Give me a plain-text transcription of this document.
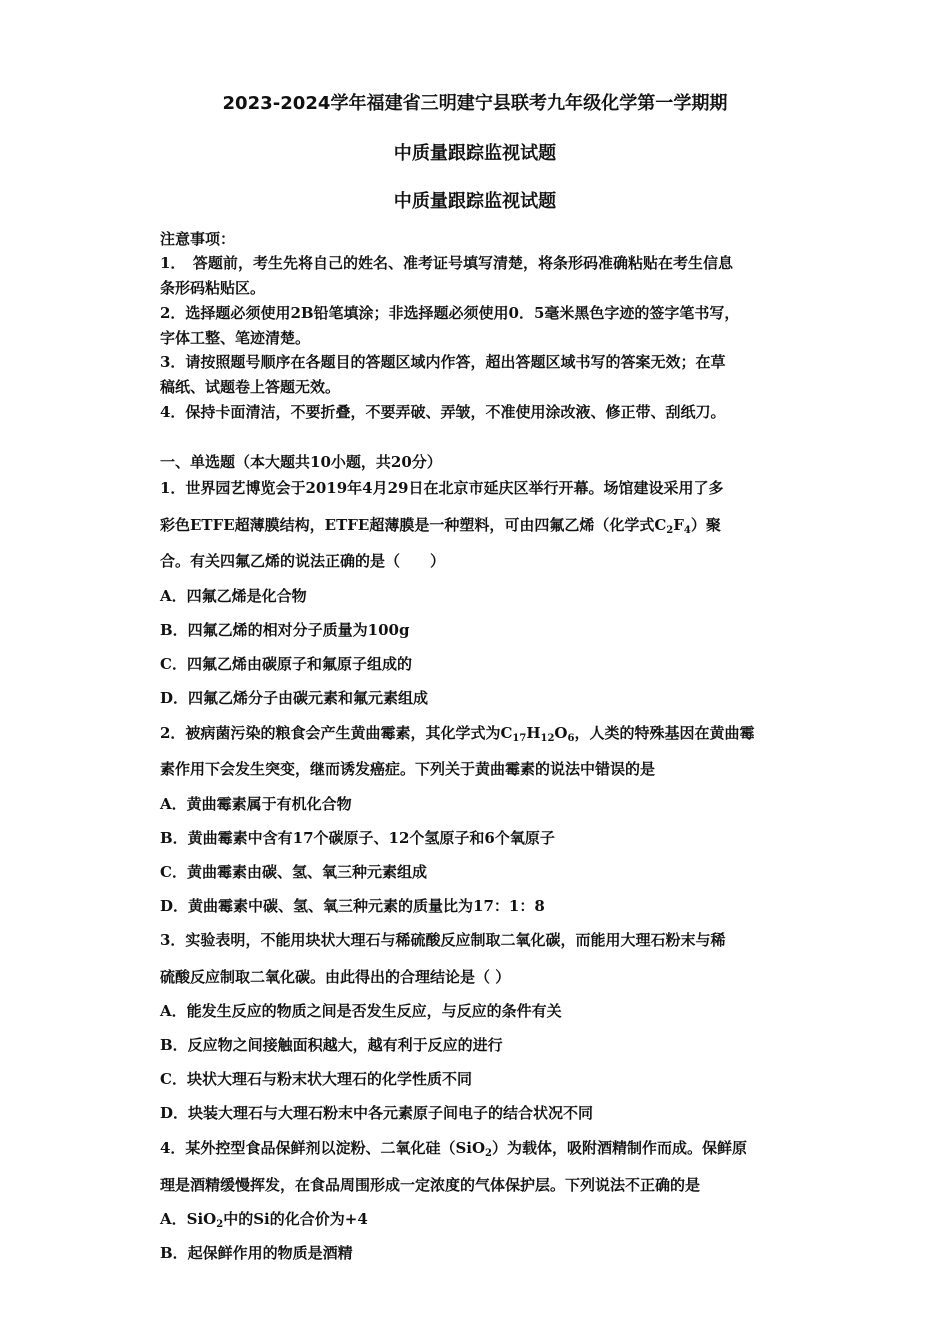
2023-2024学年福建省三明建宁县联考九年级化学第一学期期
中质量跟踪监视试题
中质量跟踪监视试题
注意事项：
1．　答题前，考生先将自己的姓名、准考证号填写清楚，将条形码准确粘贴在考生信息
条形码粘贴区。
2．选择题必须使用2B铅笔填涂；非选择题必须使用0．5毫米黑色字迹的签字笔书写，
字体工整、笔迹清楚。
3．请按照题号顺序在各题目的答题区域内作答，超出答题区域书写的答案无效；在草
稿纸、试题卷上答题无效。
4．保持卡面清洁，不要折叠，不要弄破、弄皱，不准使用涂改液、修正带、刮纸刀。
一、单选题（本大题共10小题，共20分）
1．世界园艺博览会于2019年4月29日在北京市延庆区举行开幕。场馆建设采用了多
彩色ETFE超薄膜结构，ETFE超薄膜是一种塑料，可由四氟乙烯（化学式$C_2F_4$）聚
合。有关四氟乙烯的说法正确的是（　　）
A．四氟乙烯是化合物
B．四氟乙烯的相对分子质量为100g
C．四氟乙烯由碳原子和氟原子组成的
D．四氟乙烯分子由碳元素和氟元素组成
2．被病菌污染的粮食会产生黄曲霉素，其化学式为$C_{17}H_{12}O_6$，人类的特殊基因在黄曲霉
素作用下会发生突变，继而诱发癌症。下列关于黄曲霉素的说法中错误的是
A．黄曲霉素属于有机化合物
B．黄曲霉素中含有17个碳原子、12个氢原子和6个氧原子
C．黄曲霉素由碳、氢、氧三种元素组成
D．黄曲霉素中碳、氢、氧三种元素的质量比为17：1：8
3．实验表明，不能用块状大理石与稀硫酸反应制取二氧化碳，而能用大理石粉末与稀
硫酸反应制取二氧化碳。由此得出的合理结论是（ ）
A．能发生反应的物质之间是否发生反应，与反应的条件有关
B．反应物之间接触面积越大，越有利于反应的进行
C．块状大理石与粉末状大理石的化学性质不同
D．块装大理石与大理石粉末中各元素原子间电子的结合状况不同
4．某外控型食品保鲜剂以淀粉、二氧化硅（SiO$_2$）为载体，吸附酒精制作而成。保鲜原
理是酒精缓慢挥发，在食品周围形成一定浓度的气体保护层。下列说法不正确的是
A．SiO$_2$中的Si的化合价为+4
B．起保鲜作用的物质是酒精
